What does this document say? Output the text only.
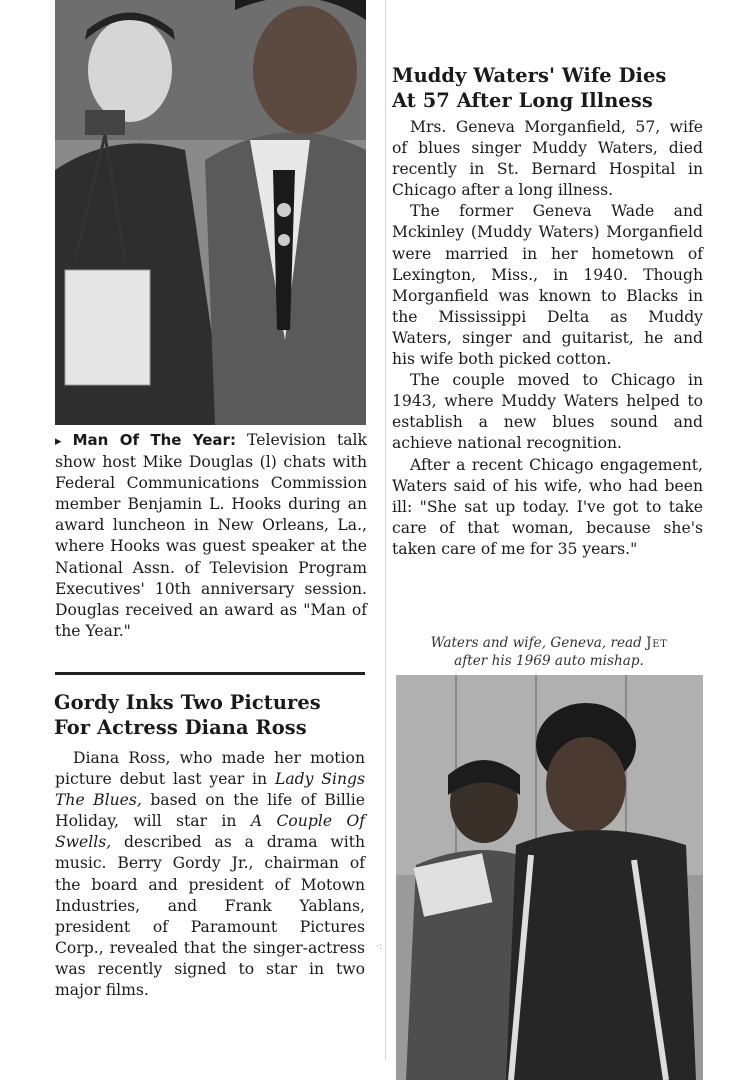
▸ Man Of The Year: Television talk show host Mike Douglas (l) chats with Federal Communications Commission member Benjamin L. Hooks during an award luncheon in New Orleans, La., where Hooks was guest speaker at the National Assn. of Television Program Executives' 10th anniversary session. Douglas received an award as "Man of the Year."
Gordy Inks Two Pictures
For Actress Diana Ross

Diana Ross, who made her motion picture debut last year in Lady Sings The Blues, based on the life of Billie Holiday, will star in A Couple Of Swells, described as a drama with music. Berry Gordy Jr., chairman of the board and president of Motown Industries, and Frank Yablans, president of Paramount Pictures Corp., revealed that the singer-actress was recently signed to star in two major films.

Muddy Waters' Wife Dies
At 57 After Long Illness

Mrs. Geneva Morganfield, 57, wife of blues singer Muddy Waters, died recently in St. Bernard Hospital in Chicago after a long illness.

The former Geneva Wade and Mckinley (Muddy Waters) Morganfield were married in her hometown of Lexington, Miss., in 1940. Though Morganfield was known to Blacks in the Mississippi Delta as Muddy Waters, singer and guitarist, he and his wife both picked cotton.

The couple moved to Chicago in 1943, where Muddy Waters helped to establish a new blues sound and achieve national recognition.

After a recent Chicago engagement, Waters said of his wife, who had been ill: "She sat up today. I've got to take care of that woman, because she's taken care of me for 35 years."

Waters and wife, Geneva, read Jet
after his 1969 auto mishap.
·:
